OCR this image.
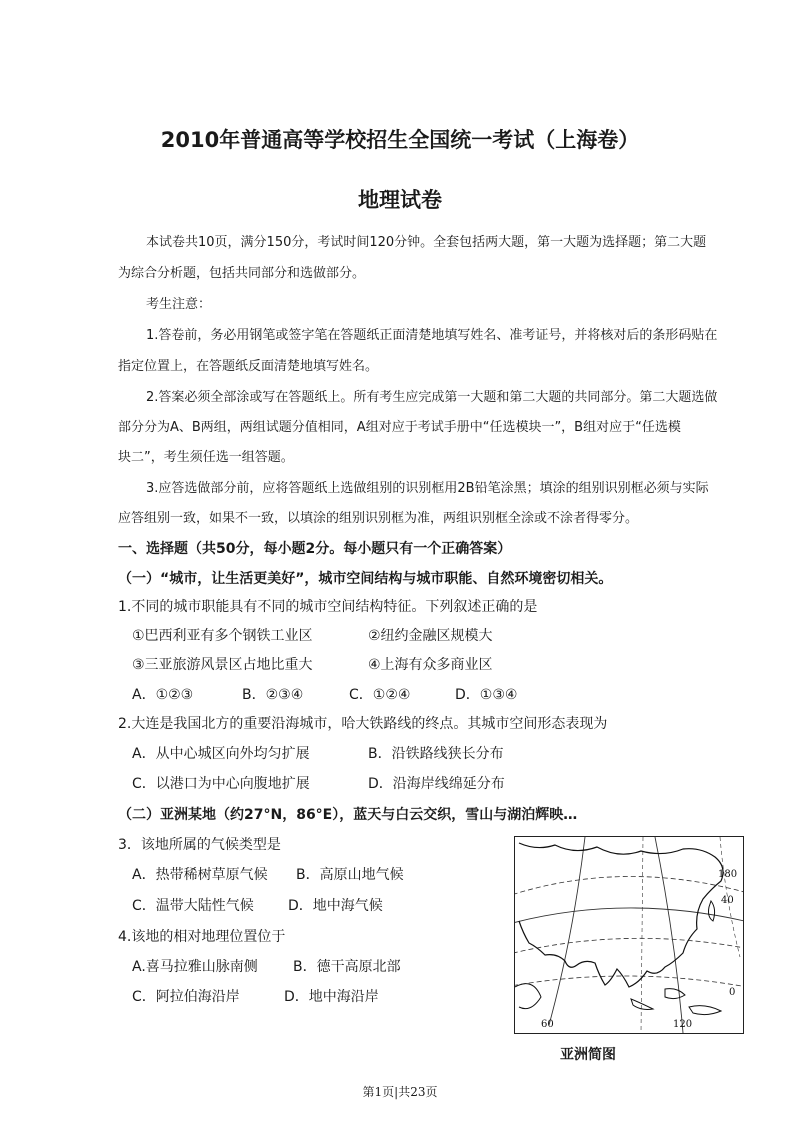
2010年普通高等学校招生全国统一考试（上海卷）
地理试卷
本试卷共10页，满分150分，考试时间120分钟。全套包括两大题，第一大题为选择题；第二大题
为综合分析题，包括共同部分和选做部分。
考生注意：
1.答卷前，务必用钢笔或签字笔在答题纸正面清楚地填写姓名、准考证号，并将核对后的条形码贴在
指定位置上，在答题纸反面清楚地填写姓名。
2.答案必须全部涂或写在答题纸上。所有考生应完成第一大题和第二大题的共同部分。第二大题选做
部分分为A、B两组，两组试题分值相同，A组对应于考试手册中“任选模块一”，B组对应于“任选模
块二”，考生须任选一组答题。
3.应答选做部分前，应将答题纸上选做组别的识别框用2B铅笔涂黑；填涂的组别识别框必须与实际
应答组别一致，如果不一致，以填涂的组别识别框为准，两组识别框全涂或不涂者得零分。
一、选择题（共50分，每小题2分。每小题只有一个正确答案）
（一）“城市，让生活更美好”，城市空间结构与城市职能、自然环境密切相关。
1.不同的城市职能具有不同的城市空间结构特征。下列叙述正确的是
①巴西利亚有多个钢铁工业区	②纽约金融区规模大
③三亚旅游风景区占地比重大	④上海有众多商业区
A．①②③	B．②③④	C．①②④	D．①③④
2.大连是我国北方的重要沿海城市，哈大铁路线的终点。其城市空间形态表现为
A．从中心城区向外均匀扩展	B．沿铁路线狭长分布
C．以港口为中心向腹地扩展	D．沿海岸线绵延分布
（二）亚洲某地（约27°N，86°E），蓝天与白云交织，雪山与湖泊辉映…
3．该地所属的气候类型是
A．热带稀树草原气候 B．高原山地气候
C．温带大陆性气候 D．地中海气候
4.该地的相对地理位置位于
A.喜马拉雅山脉南侧	B．德干高原北部
C．阿拉伯海沿岸	D．地中海沿岸
180
40
0
60	120
亚洲简图
第1页|共23页
